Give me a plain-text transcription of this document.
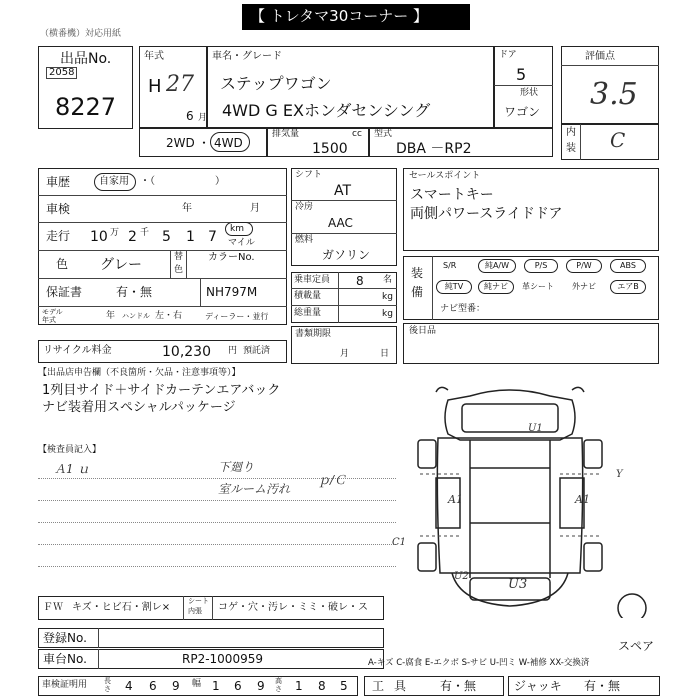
【 トレタマ30コーナー 】
（横番機）対応用紙
出品No.
2058
8227
年式
H 27
6 月
車名・グレード
ステップワゴン
4WD G EXホンダセンシング
ドア
5
形状
ワゴン
評価点
3.5
内
装 C
2WD ・ 4WD
排気量	cc
1500
型式
DBA －RP2
車歴	自家用 ・（　　　　　　）
車検	年	月
走行 10 万 2 千 5 1 7 km
マイル
色 グレー	替
色
カラーNo.
保証書	有・無	NH797M
モデル
年式	年 ハンドル 左・右	ディーラー・並行
シフト
AT
冷房
AAC
燃料
ガソリン
乗車定員 8 名
積載量	kg
総重量	kg
書類期限
月	日
リサイクル料金	10,230 円 預託済
セールスポイント
スマートキー
両側パワースライドドア
装
備
S/R	純A/W	P/S	P/W	ABS
純TV	純ナビ	革シート 外ナビ	エアB
ナビ型番：
後日品
【出品店申告欄（不良箇所・欠品・注意事項等）】
1列目サイド＋サイドカーテンエアバック
ナビ装着用スペシャルパッケージ
【検査員記入】
Ａ1 ｕ	下廻り
室ルーム汚れ
ｐ/Ｃ
U1
A1	A1
C1
U2
U3
Y
スペア
ＦＷ キズ・ヒビ石・割レ×
シート
内張 コゲ・穴・汚レ・ミミ・破レ・ス
登録No.
車台No.	RP2-1000959	A-キズ C-腐食 E-エクボ S-サビ U-凹ミ W-補修 XX-交換済
車検証明用 長さ 4 6 9 幅 1 6 9 高さ 1 8 5 工具 有・無	ジャッキ 有・無
